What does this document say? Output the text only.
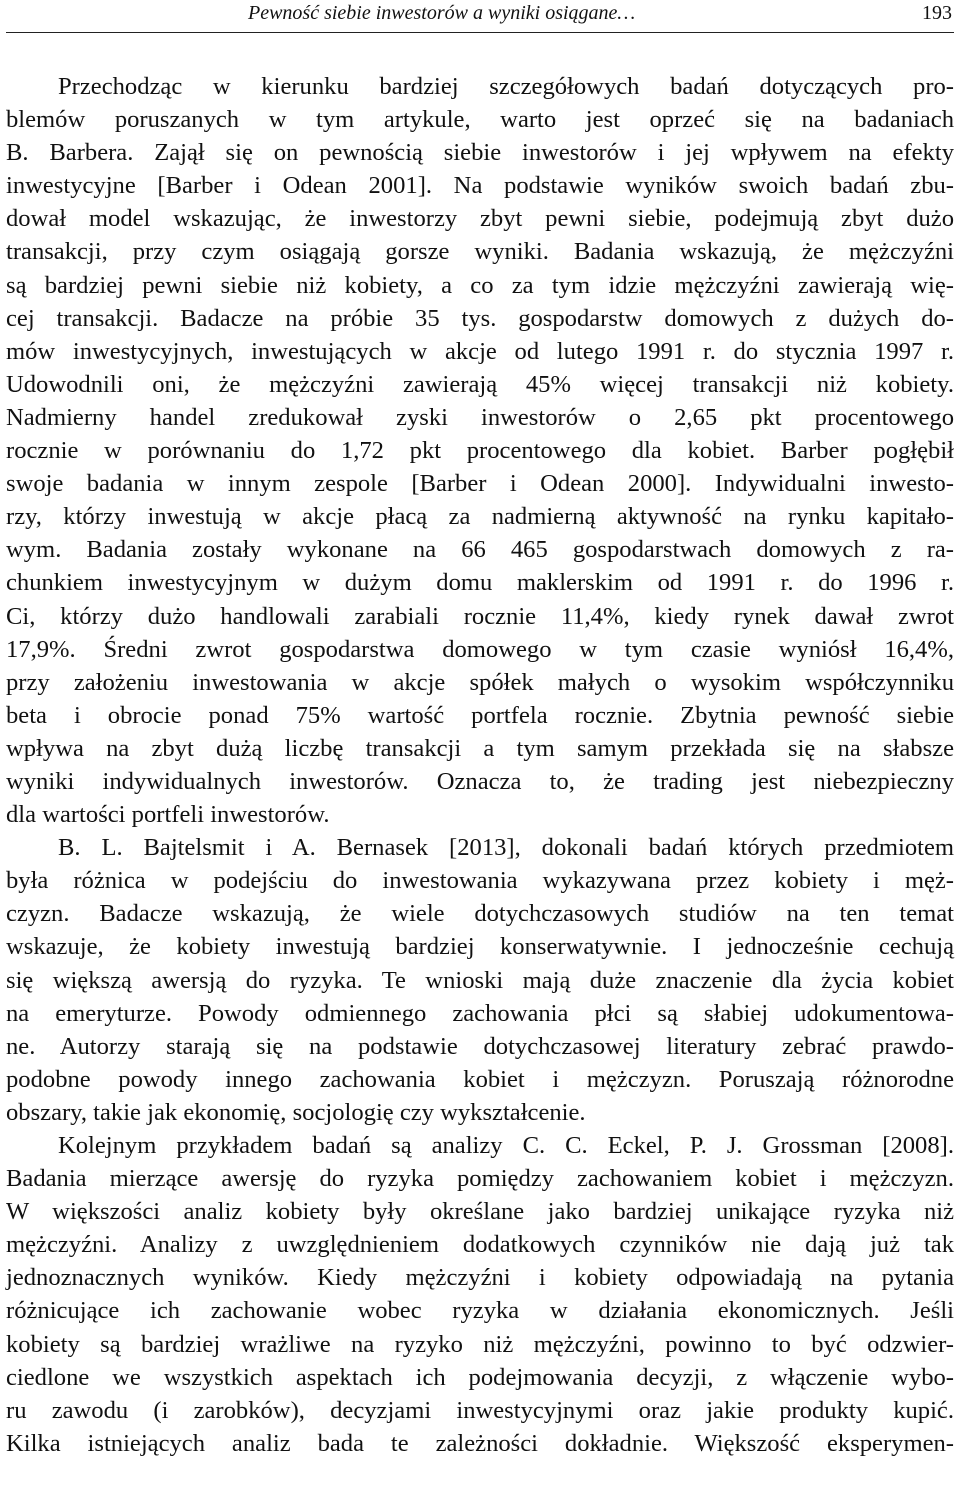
Pewność siebie inwestorów a wyniki osiągane…	193
Przechodząc w kierunku bardziej szczegółowych badań dotyczących pro-
blemów poruszanych w tym artykule, warto jest oprzeć się na badaniach
B. Barbera. Zajął się on pewnością siebie inwestorów i jej wpływem na efekty
inwestycyjne [Barber i Odean 2001]. Na podstawie wyników swoich badań zbu-
dował model wskazując, że inwestorzy zbyt pewni siebie, podejmują zbyt dużo
transakcji, przy czym osiągają gorsze wyniki. Badania wskazują, że mężczyźni
są bardziej pewni siebie niż kobiety, a co za tym idzie mężczyźni zawierają wię-
cej transakcji. Badacze na próbie 35 tys. gospodarstw domowych z dużych do-
mów inwestycyjnych, inwestujących w akcje od lutego 1991 r. do stycznia 1997 r.
Udowodnili oni, że mężczyźni zawierają 45% więcej transakcji niż kobiety.
Nadmierny handel zredukował zyski inwestorów o 2,65 pkt procentowego
rocznie w porównaniu do 1,72 pkt procentowego dla kobiet. Barber pogłębił
swoje badania w innym zespole [Barber i Odean 2000]. Indywidualni inwesto-
rzy, którzy inwestują w akcje płacą za nadmierną aktywność na rynku kapitało-
wym. Badania zostały wykonane na 66 465 gospodarstwach domowych z ra-
chunkiem inwestycyjnym w dużym domu maklerskim od 1991 r. do 1996 r.
Ci, którzy dużo handlowali zarabiali rocznie 11,4%, kiedy rynek dawał zwrot
17,9%. Średni zwrot gospodarstwa domowego w tym czasie wyniósł 16,4%,
przy założeniu inwestowania w akcje spółek małych o wysokim współczynniku
beta i obrocie ponad 75% wartość portfela rocznie. Zbytnia pewność siebie
wpływa na zbyt dużą liczbę transakcji a tym samym przekłada się na słabsze
wyniki indywidualnych inwestorów. Oznacza to, że trading jest niebezpieczny
dla wartości portfeli inwestorów.
B. L. Bajtelsmit i A. Bernasek [2013], dokonali badań których przedmiotem
była różnica w podejściu do inwestowania wykazywana przez kobiety i męż-
czyzn. Badacze wskazują, że wiele dotychczasowych studiów na ten temat
wskazuje, że kobiety inwestują bardziej konserwatywnie. I jednocześnie cechują
się większą awersją do ryzyka. Te wnioski mają duże znaczenie dla życia kobiet
na emeryturze. Powody odmiennego zachowania płci są słabiej udokumentowa-
ne. Autorzy starają się na podstawie dotychczasowej literatury zebrać prawdo-
podobne powody innego zachowania kobiet i mężczyzn. Poruszają różnorodne
obszary, takie jak ekonomię, socjologię czy wykształcenie.
Kolejnym przykładem badań są analizy C. C. Eckel, P. J. Grossman [2008].
Badania mierzące awersję do ryzyka pomiędzy zachowaniem kobiet i mężczyzn.
W większości analiz kobiety były określane jako bardziej unikające ryzyka niż
mężczyźni. Analizy z uwzględnieniem dodatkowych czynników nie dają już tak
jednoznacznych wyników. Kiedy mężczyźni i kobiety odpowiadają na pytania
różnicujące ich zachowanie wobec ryzyka w działania ekonomicznych. Jeśli
kobiety są bardziej wrażliwe na ryzyko niż mężczyźni, powinno to być odzwier-
ciedlone we wszystkich aspektach ich podejmowania decyzji, z włączenie wybo-
ru zawodu (i zarobków), decyzjami inwestycyjnymi oraz jakie produkty kupić.
Kilka istniejących analiz bada te zależności dokładnie. Większość eksperymen-
